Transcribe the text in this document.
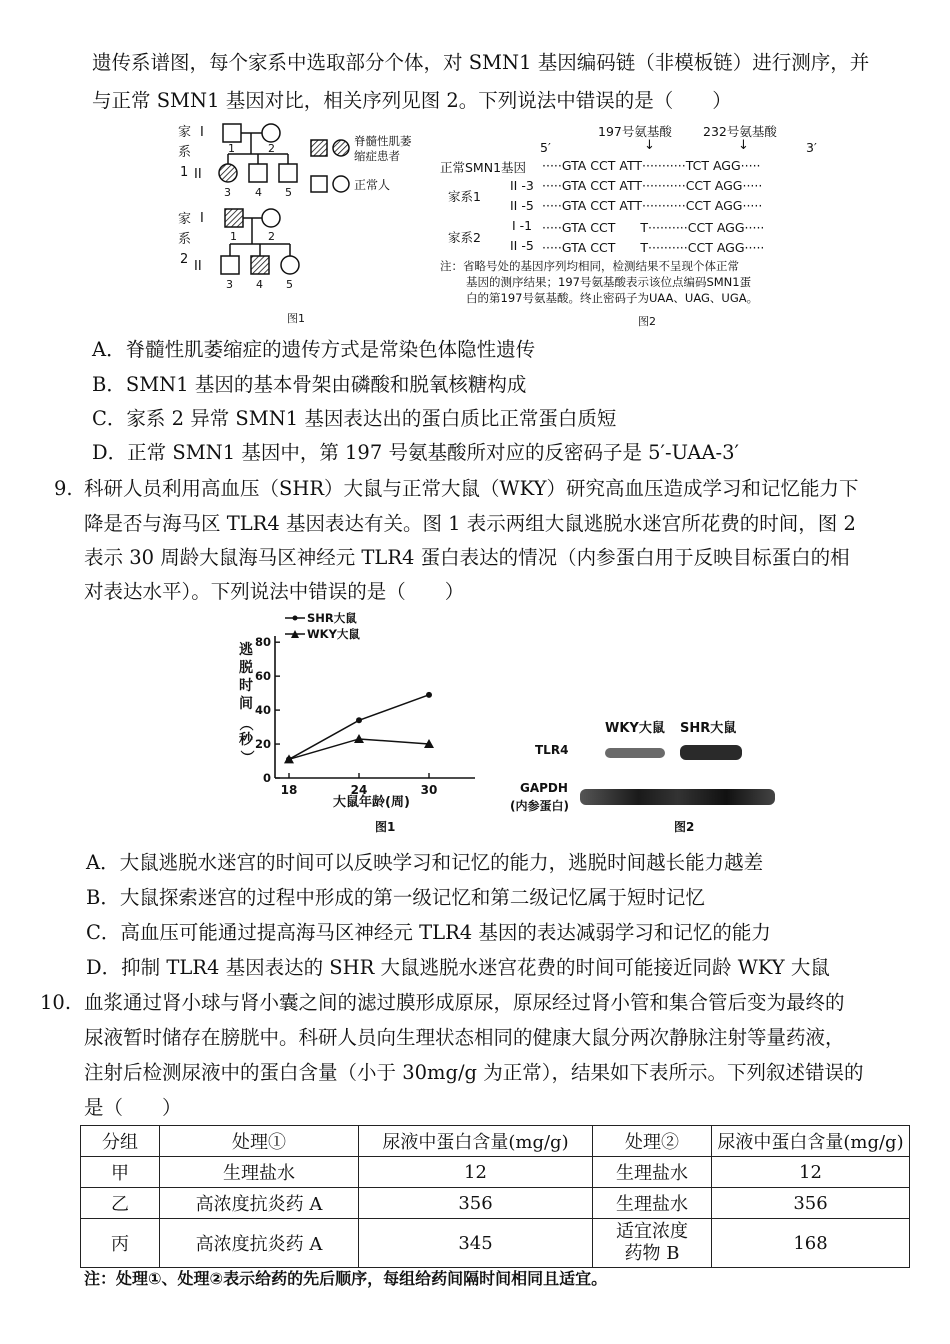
遗传系谱图，每个家系中选取部分个体，对 SMN1 基因编码链（非模板链）进行测序，并
与正常 SMN1 基因对比，相关序列见图 2。下列说法中错误的是（　　）
家
系
1
I
II
1	2
3 4 5
脊髓性肌萎
缩症患者
正常人
家
系
2
I
II
1	2
3 4 5
图1
197号氨基酸 232号氨基酸
↓	↓
5′	3′
正常SMN1基因 ·····GTA CCT ATT···········TCT AGG·····
家系1
II -3 ·····GTA CCT ATT···········CCT AGG·····
II -5 ·····GTA CCT ATT···········CCT AGG·····
家系2
I -1 ·····GTA CCT　　T··········CCT AGG·····
II -5 ·····GTA CCT　　T··········CCT AGG·····
注：省略号处的基因序列均相同，检测结果不呈现个体正常
基因的测序结果；197号氨基酸表示该位点编码SMN1蛋
白的第197号氨基酸。终止密码子为UAA、UAG、UGA。
图2
A．脊髓性肌萎缩症的遗传方式是常染色体隐性遗传
B．SMN1 基因的基本骨架由磷酸和脱氧核糖构成
C．家系 2 异常 SMN1 基因表达出的蛋白质比正常蛋白质短
D．正常 SMN1 基因中，第 197 号氨基酸所对应的反密码子是 5′-UAA-3′
9. 科研人员利用高血压（SHR）大鼠与正常大鼠（WKY）研究高血压造成学习和记忆能力下
降是否与海马区 TLR4 基因表达有关。图 1 表示两组大鼠逃脱水迷宫所花费的时间，图 2
表示 30 周龄大鼠海马区神经元 TLR4 蛋白表达的情况（内参蛋白用于反映目标蛋白的相
对表达水平）。下列说法中错误的是（　　）
SHR大鼠
WKY大鼠
逃
脱
时
间
（
秒
）
0
20
40
60
80
18	24	30
大鼠年龄(周)
图1
WKY大鼠 SHR大鼠
TLR4
GAPDH
(内参蛋白)
图2
A．大鼠逃脱水迷宫的时间可以反映学习和记忆的能力，逃脱时间越长能力越差
B．大鼠探索迷宫的过程中形成的第一级记忆和第二级记忆属于短时记忆
C．高血压可能通过提高海马区神经元 TLR4 基因的表达减弱学习和记忆的能力
D．抑制 TLR4 基因表达的 SHR 大鼠逃脱水迷宫花费的时间可能接近同龄 WKY 大鼠
10. 血浆通过肾小球与肾小囊之间的滤过膜形成原尿，原尿经过肾小管和集合管后变为最终的
尿液暂时储存在膀胱中。科研人员向生理状态相同的健康大鼠分两次静脉注射等量药液，
注射后检测尿液中的蛋白含量（小于 30mg/g 为正常），结果如下表所示。下列叙述错误的
是（　　）
分组	处理①	尿液中蛋白含量(mg/g)	处理②	尿液中蛋白含量(mg/g)
甲	生理盐水	12	生理盐水	12
乙	高浓度抗炎药 A	356	生理盐水	356
丙	高浓度抗炎药 A	345	适宜浓度
药物 B	168
注：处理①、处理②表示给药的先后顺序，每组给药间隔时间相同且适宜。
